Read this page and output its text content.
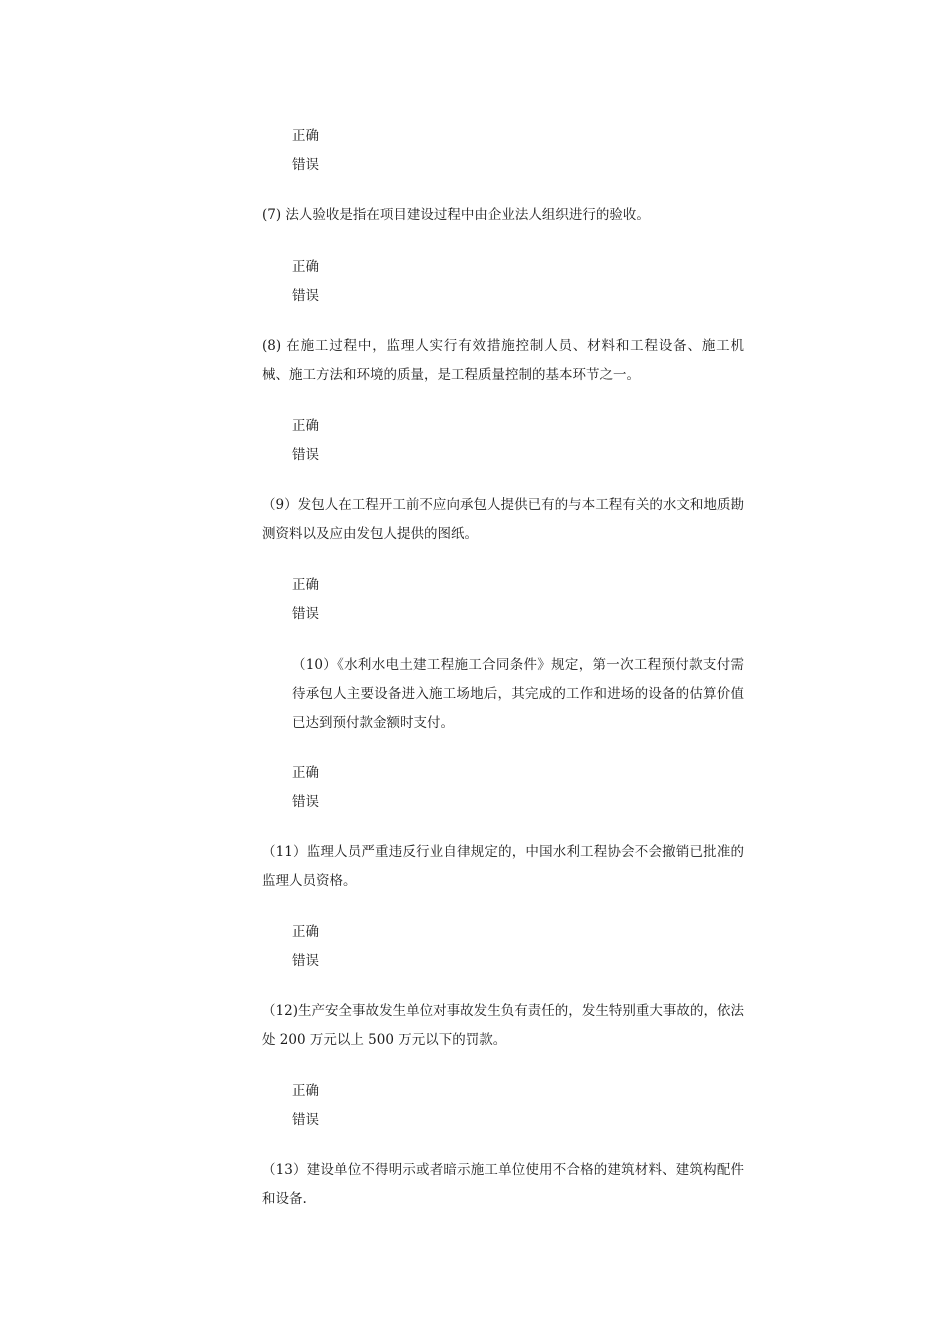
正确
错误
(7) 法人验收是指在项目建设过程中由企业法人组织进行的验收。
正确
错误
(8) 在施工过程中，监理人实行有效措施控制人员、材料和工程设备、施工机械、施工方法和环境的质量，是工程质量控制的基本环节之一。
正确
错误
（9）发包人在工程开工前不应向承包人提供已有的与本工程有关的水文和地质勘测资料以及应由发包人提供的图纸。
正确
错误
（10）《水利水电土建工程施工合同条件》规定，第一次工程预付款支付需待承包人主要设备进入施工场地后，其完成的工作和进场的设备的估算价值已达到预付款金额时支付。
正确
错误
（11）监理人员严重违反行业自律规定的，中国水利工程协会不会撤销已批准的监理人员资格。
正确
错误
（12)生产安全事故发生单位对事故发生负有责任的，发生特别重大事故的，依法处 200 万元以上 500 万元以下的罚款。
正确
错误
（13）建设单位不得明示或者暗示施工单位使用不合格的建筑材料、建筑构配件和设备.
